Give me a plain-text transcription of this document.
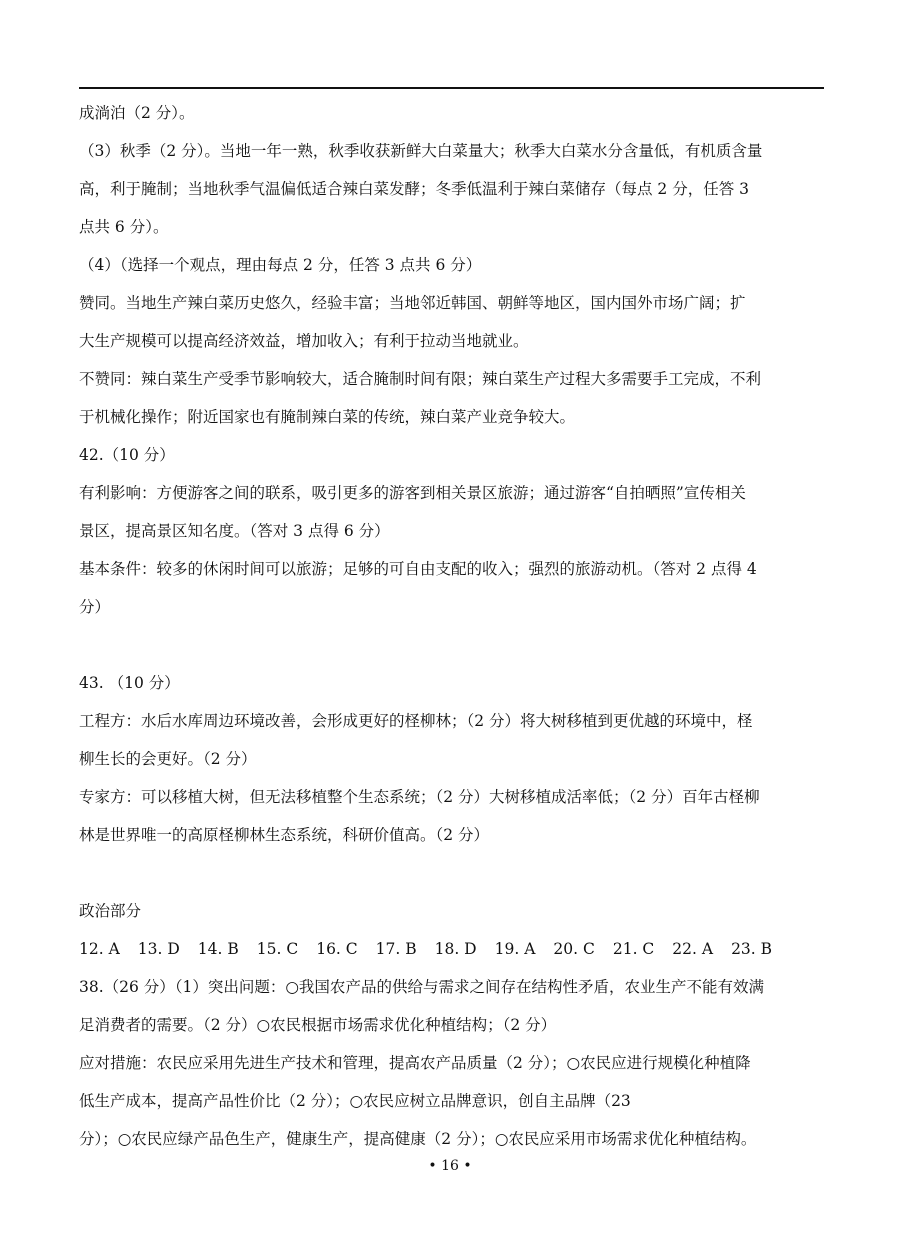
成淌泊（2 分）。
（3）秋季（2 分）。当地一年一熟，秋季收获新鲜大白菜量大；秋季大白菜水分含量低，有机质含量
高，利于腌制；当地秋季气温偏低适合辣白菜发酵；冬季低温利于辣白菜储存（每点 2 分，任答 3
点共 6 分）。
（4）（选择一个观点，理由每点 2 分，任答 3 点共 6 分）
赞同。当地生产辣白菜历史悠久，经验丰富；当地邻近韩国、朝鲜等地区，国内国外市场广阔；扩
大生产规模可以提高经济效益，增加收入；有利于拉动当地就业。
不赞同：辣白菜生产受季节影响较大，适合腌制时间有限；辣白菜生产过程大多需要手工完成，不利
于机械化操作；附近国家也有腌制辣白菜的传统，辣白菜产业竞争较大。
42.（10 分）
有利影响：方便游客之间的联系，吸引更多的游客到相关景区旅游；通过游客“自拍晒照”宣传相关
景区，提高景区知名度。（答对 3 点得 6 分）
基本条件：较多的休闲时间可以旅游；足够的可自由支配的收入；强烈的旅游动机。（答对 2 点得 4
分）
43. （10 分）
工程方：水后水库周边环境改善，会形成更好的柽柳林；（2 分）将大树移植到更优越的环境中，柽
柳生长的会更好。（2 分）
专家方：可以移植大树，但无法移植整个生态系统；（2 分）大树移植成活率低；（2 分）百年古柽柳
林是世界唯一的高原柽柳林生态系统，科研价值高。（2 分）
政治部分
12. A 13. D 14. B 15. C 16. C 17. B 18. D 19. A 20. C 21. C 22. A 23. B
38.（26 分）（1）突出问题：○我国农产品的供给与需求之间存在结构性矛盾，农业生产不能有效满
足消费者的需要。（2 分）○农民根据市场需求优化种植结构；（2 分）
应对措施：农民应采用先进生产技术和管理，提高农产品质量（2 分）；○农民应进行规模化种植降
低生产成本，提高产品性价比（2 分）；○农民应树立品牌意识，创自主品牌（23
分）；○农民应绿产品色生产，健康生产，提高健康（2 分）；○农民应采用市场需求优化种植结构。
• 16 •
